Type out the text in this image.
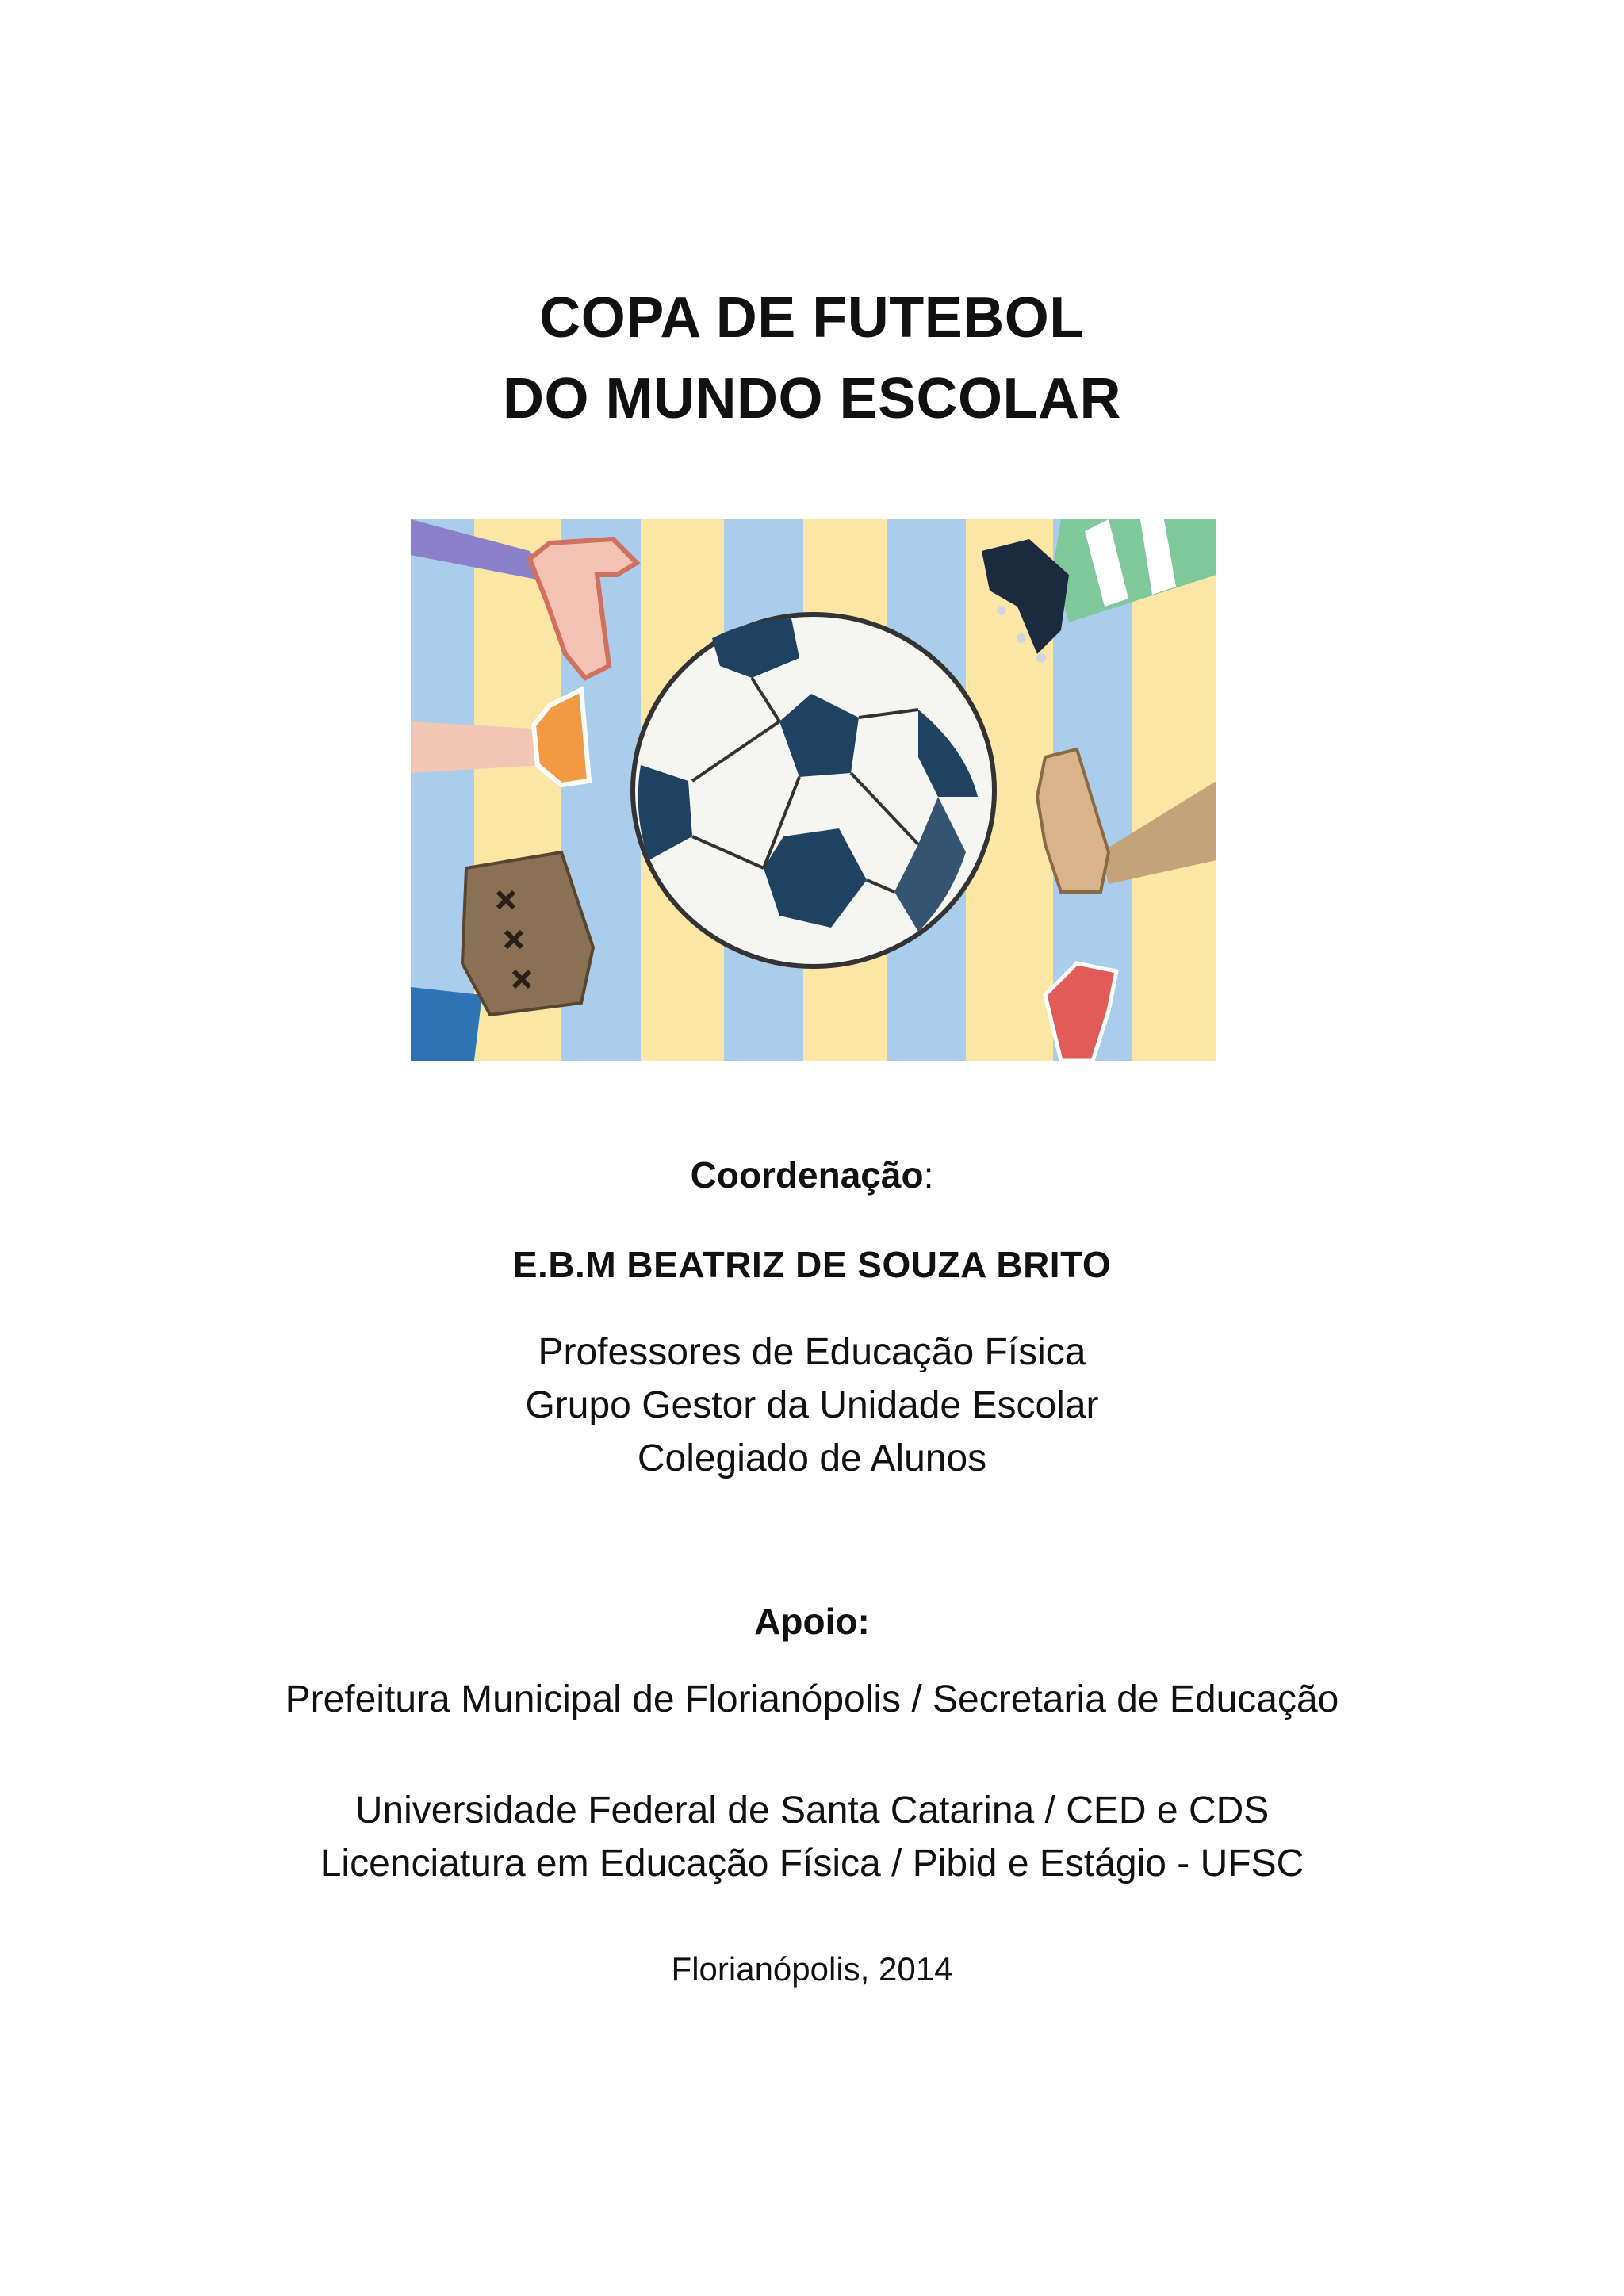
COPA DE FUTEBOL
DO MUNDO ESCOLAR
Coordenação:
E.B.M BEATRIZ DE SOUZA BRITO
Professores de Educação Física
Grupo Gestor da Unidade Escolar
Colegiado de Alunos
Apoio:
Prefeitura Municipal de Florianópolis / Secretaria de Educação
Universidade Federal de Santa Catarina / CED e CDS
Licenciatura em Educação Física / Pibid e Estágio - UFSC
Florianópolis, 2014
